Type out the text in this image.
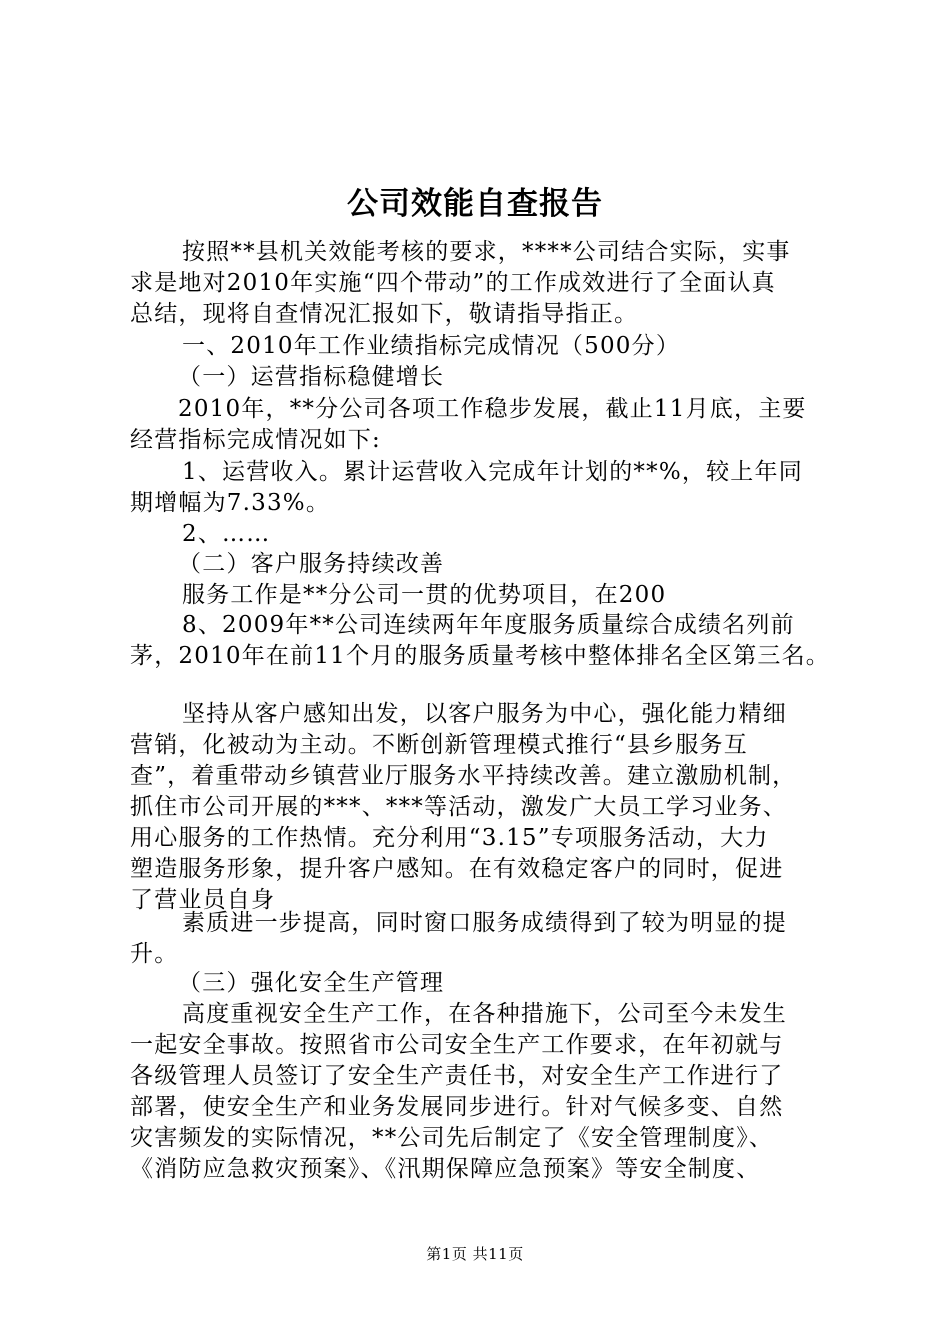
公司效能自查报告
按照**县机关效能考核的要求，****公司结合实际，实事
求是地对2010年实施“四个带动”的工作成效进行了全面认真
总结，现将自查情况汇报如下，敬请指导指正。
一、2010年工作业绩指标完成情况（500分）
（一）运营指标稳健增长
2010年，**分公司各项工作稳步发展，截止11月底，主要
经营指标完成情况如下:
1、运营收入。累计运营收入完成年计划的**%，较上年同
期增幅为7.33%。
2、……
（二）客户服务持续改善
服务工作是**分公司一贯的优势项目，在200
8、2009年**公司连续两年年度服务质量综合成绩名列前
茅，2010年在前11个月的服务质量考核中整体排名全区第三名。
坚持从客户感知出发，以客户服务为中心，强化能力精细
营销，化被动为主动。不断创新管理模式推行“县乡服务互
查”，着重带动乡镇营业厅服务水平持续改善。建立激励机制，
抓住市公司开展的***、***等活动，激发广大员工学习业务、
用心服务的工作热情。充分利用“3.15”专项服务活动，大力
塑造服务形象，提升客户感知。在有效稳定客户的同时，促进
了营业员自身
素质进一步提高，同时窗口服务成绩得到了较为明显的提
升。
（三）强化安全生产管理
高度重视安全生产工作，在各种措施下，公司至今未发生
一起安全事故。按照省市公司安全生产工作要求，在年初就与
各级管理人员签订了安全生产责任书，对安全生产工作进行了
部署，使安全生产和业务发展同步进行。针对气候多变、自然
灾害频发的实际情况，**公司先后制定了《安全管理制度》、
《消防应急救灾预案》、《汛期保障应急预案》等安全制度、
第1页 共11页
